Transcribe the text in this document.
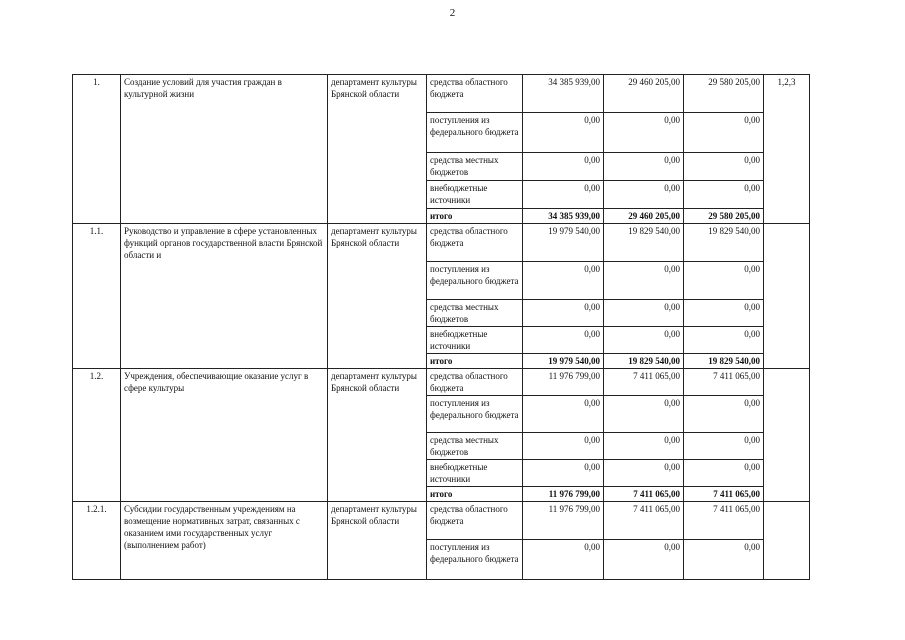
2
1.	Создание условий для участия граждан в культурной жизни	департамент культуры Брянской области	средства областного бюджета	34 385 939,00	29 460 205,00	29 580 205,00	1,2,3
			поступления из федерального бюджета	0,00	0,00	0,00	
			средства местных бюджетов	0,00	0,00	0,00	
			внебюджетные источники	0,00	0,00	0,00	
			итого	34 385 939,00	29 460 205,00	29 580 205,00	
1.1.	Руководство и управление в сфере установленных функций органов государственной власти Брянской области и	департамент культуры Брянской области	средства областного бюджета	19 979 540,00	19 829 540,00	19 829 540,00	
			поступления из федерального бюджета	0,00	0,00	0,00	
			средства местных бюджетов	0,00	0,00	0,00	
			внебюджетные источники	0,00	0,00	0,00	
			итого	19 979 540,00	19 829 540,00	19 829 540,00	
1.2.	Учреждения, обеспечивающие оказание услуг в сфере культуры	департамент культуры Брянской области	средства областного бюджета	11 976 799,00	7 411 065,00	7 411 065,00	
			поступления из федерального бюджета	0,00	0,00	0,00	
			средства местных бюджетов	0,00	0,00	0,00	
			внебюджетные источники	0,00	0,00	0,00	
			итого	11 976 799,00	7 411 065,00	7 411 065,00	
1.2.1.	Субсидии государственным учреждениям на возмещение нормативных затрат, связанных с оказанием ими государственных услуг (выполнением работ)	департамент культуры Брянской области	средства областного бюджета	11 976 799,00	7 411 065,00	7 411 065,00	
			поступления из федерального бюджета	0,00	0,00	0,00	
